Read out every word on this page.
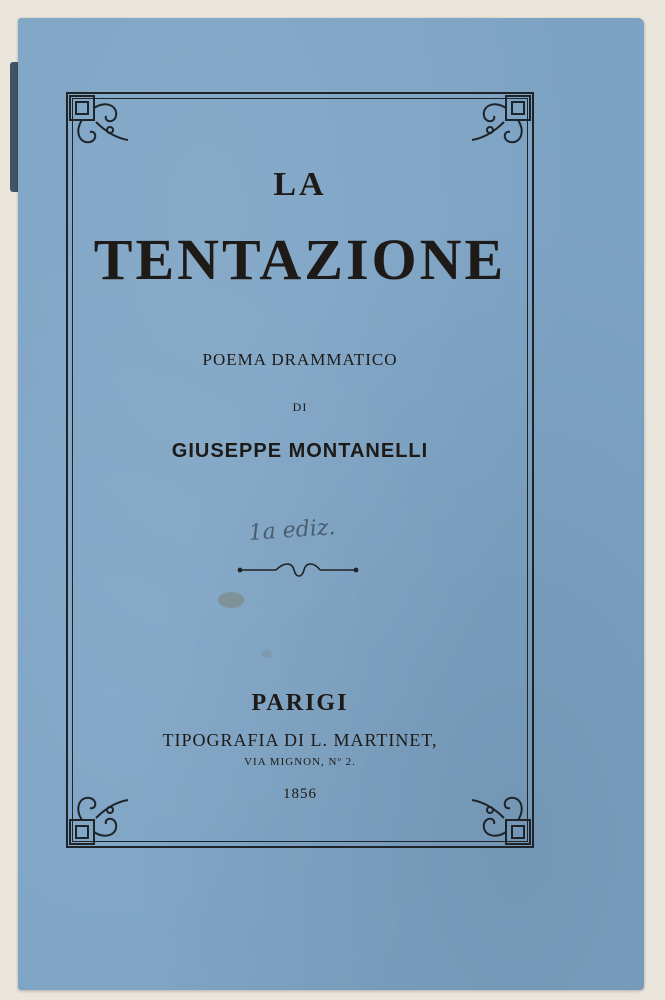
LA
TENTAZIONE
POEMA DRAMMATICO
DI
GIUSEPPE MONTANELLI
1a ediz.
PARIGI
TIPOGRAFIA DI L. MARTINET,
VIA MIGNON, Nº 2.
1856
